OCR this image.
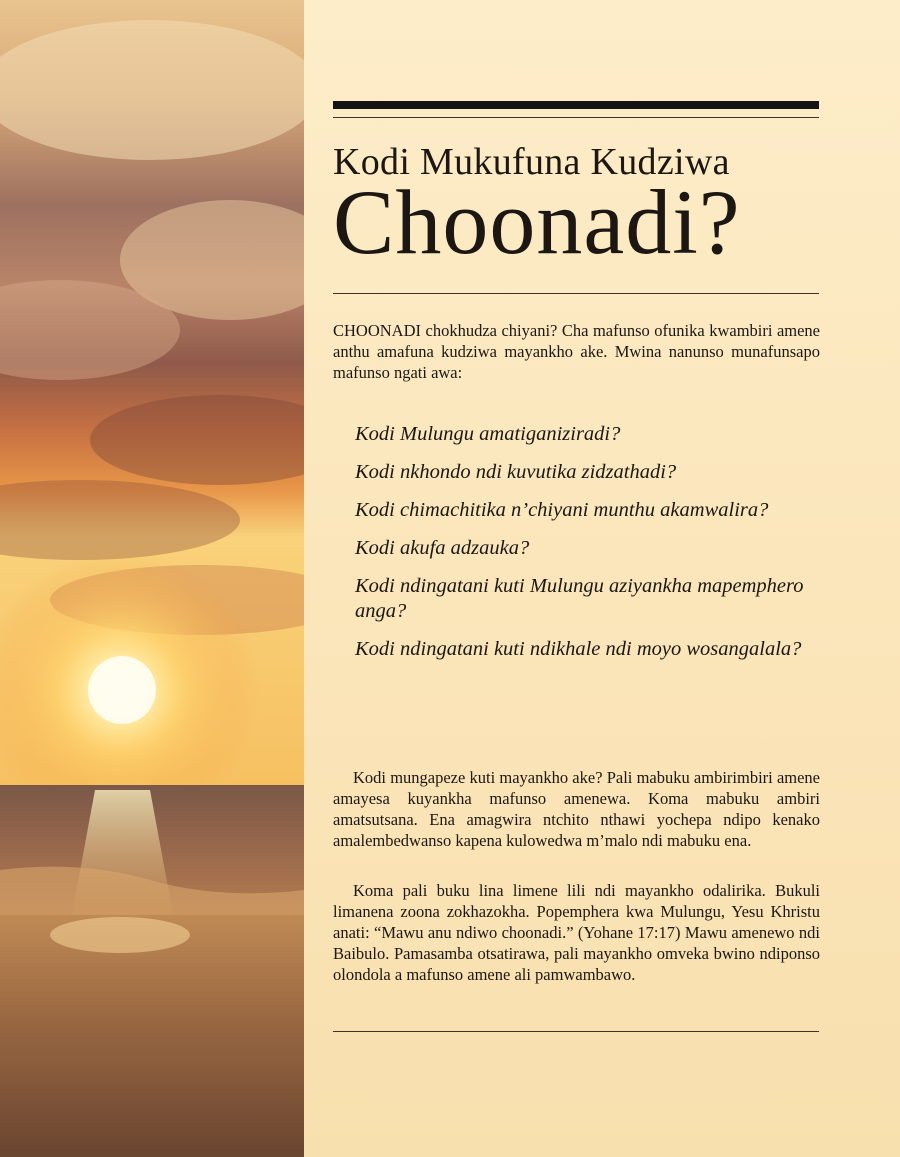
Kodi Mukufuna Kudziwa
Choonadi?

CHOONADI chokhudza chiyani? Cha mafunso ofunika kwambiri amene anthu amafuna kudziwa mayankho ake. Mwina nanunso munafunsapo mafunso ngati awa:

Kodi Mulungu amatiganiziradi?
Kodi nkhondo ndi kuvutika zidzathadi?
Kodi chimachitika n’chiyani munthu akamwalira?
Kodi akufa adzauka?
Kodi ndingatani kuti Mulungu aziyankha mapemphero anga?
Kodi ndingatani kuti ndikhale ndi moyo wosangalala?

Kodi mungapeze kuti mayankho ake? Pali mabuku ambirimbiri amene amayesa kuyankha mafunso amenewa. Koma mabuku ambiri amatsutsana. Ena amagwira ntchito nthawi yochepa ndipo kenako amalembedwanso kapena kulowedwa m’malo ndi mabuku ena.

Koma pali buku lina limene lili ndi mayankho odalirika. Bukuli limanena zoona zokhazokha. Popemphera kwa Mulungu, Yesu Khristu anati: “Mawu anu ndiwo choonadi.” (Yohane 17:17) Mawu amenewo ndi Baibulo. Pamasamba otsatirawa, pali mayankho omveka bwino ndiponso olondola a mafunso amene ali pamwambawo.
